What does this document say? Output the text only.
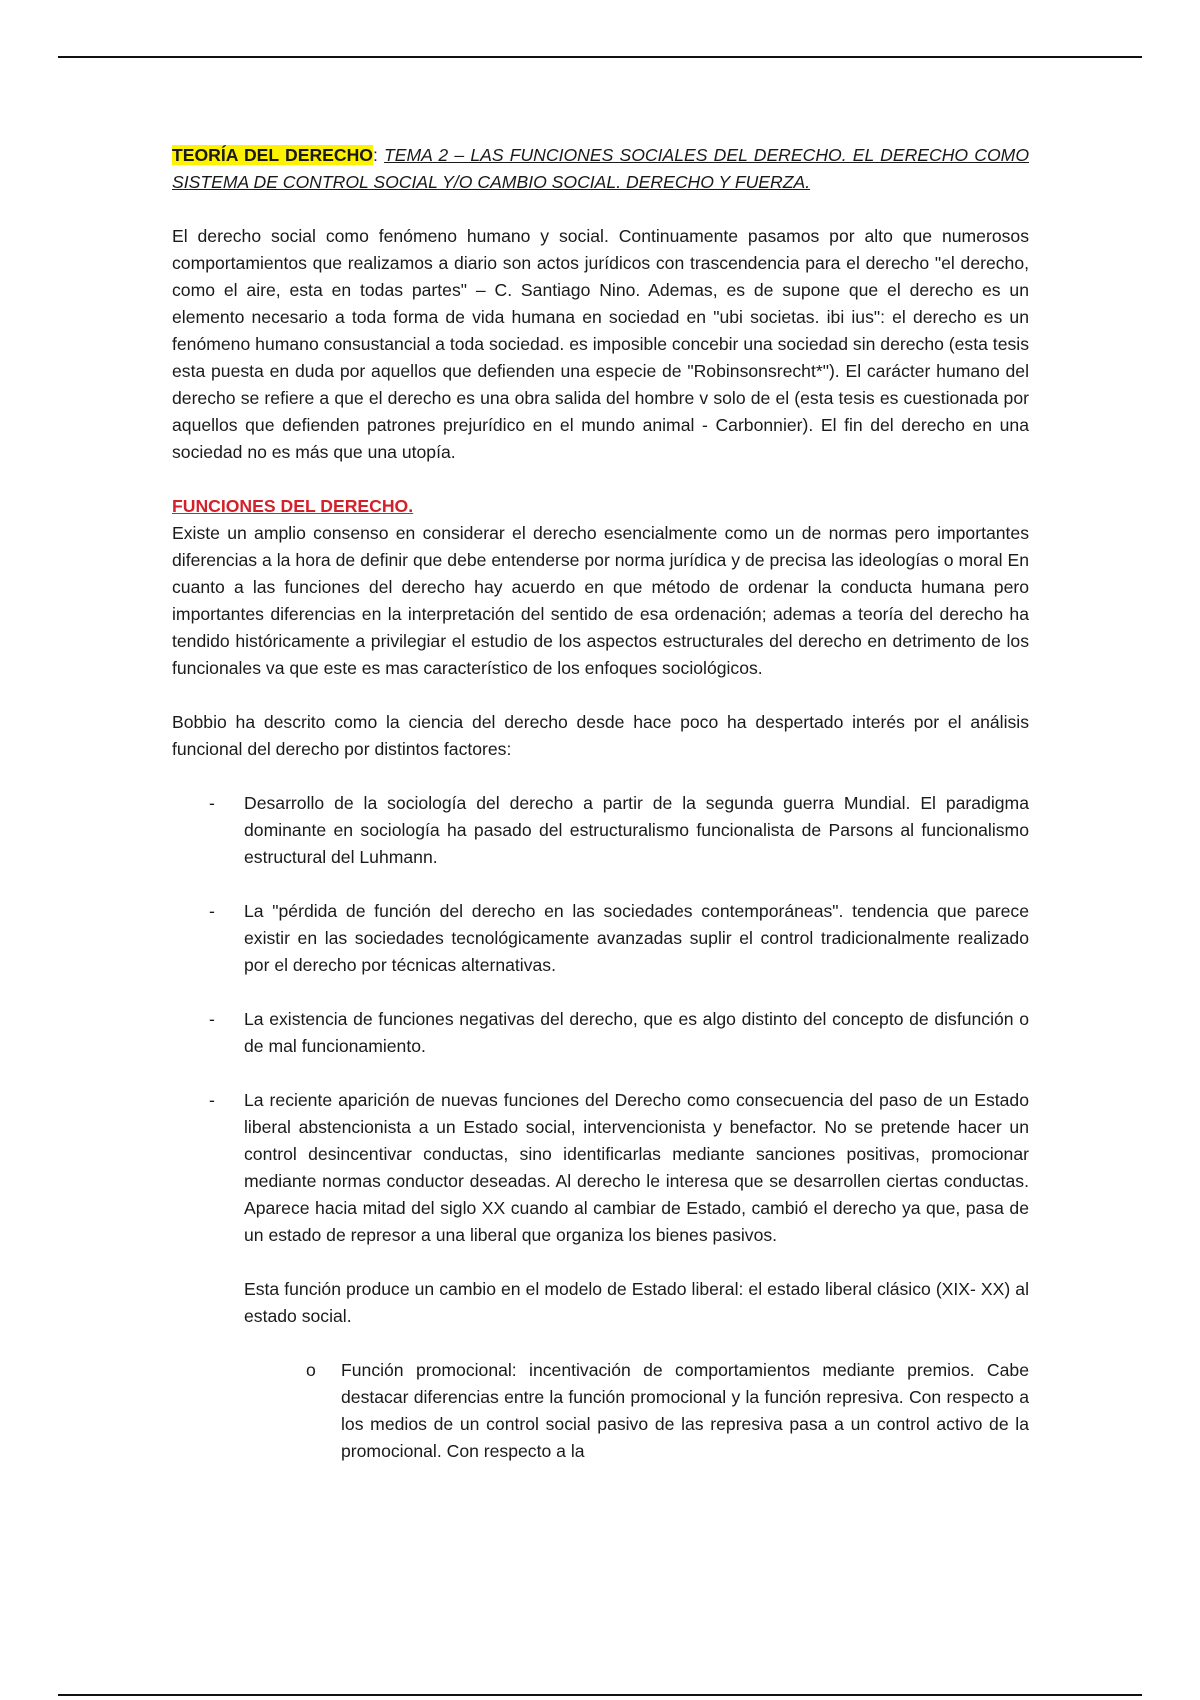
TEORÍA DEL DERECHO: TEMA 2 – LAS FUNCIONES SOCIALES DEL DERECHO. EL DERECHO COMO SISTEMA DE CONTROL SOCIAL Y/O CAMBIO SOCIAL. DERECHO Y FUERZA.

El derecho social como fenómeno humano y social. Continuamente pasamos por alto que numerosos comportamientos que realizamos a diario son actos jurídicos con trascendencia para el derecho "el derecho, como el aire, esta en todas partes" – C. Santiago Nino. Ademas, es de supone que el derecho es un elemento necesario a toda forma de vida humana en sociedad en "ubi societas. ibi ius": el derecho es un fenómeno humano consustancial a toda sociedad. es imposible concebir una sociedad sin derecho (esta tesis esta puesta en duda por aquellos que defienden una especie de "Robinsonsrecht*"). El carácter humano del derecho se refiere a que el derecho es una obra salida del hombre v solo de el (esta tesis es cuestionada por aquellos que defienden patrones prejurídico en el mundo animal - Carbonnier). El fin del derecho en una sociedad no es más que una utopía.

FUNCIONES DEL DERECHO.

Existe un amplio consenso en considerar el derecho esencialmente como un de normas pero importantes diferencias a la hora de definir que debe entenderse por norma jurídica y de precisa las ideologías o moral En cuanto a las funciones del derecho hay acuerdo en que método de ordenar la conducta humana pero importantes diferencias en la interpretación del sentido de esa ordenación; ademas a teoría del derecho ha tendido históricamente a privilegiar el estudio de los aspectos estructurales del derecho en detrimento de los funcionales va que este es mas característico de los enfoques sociológicos.

Bobbio ha descrito como la ciencia del derecho desde hace poco ha despertado interés por el análisis funcional del derecho por distintos factores:

-	Desarrollo de la sociología del derecho a partir de la segunda guerra Mundial. El paradigma dominante en sociología ha pasado del estructuralismo funcionalista de Parsons al funcionalismo estructural del Luhmann.
-	La "pérdida de función del derecho en las sociedades contemporáneas". tendencia que parece existir en las sociedades tecnológicamente avanzadas suplir el control tradicionalmente realizado por el derecho por técnicas alternativas.
-	La existencia de funciones negativas del derecho, que es algo distinto del concepto de disfunción o de mal funcionamiento.
-	La reciente aparición de nuevas funciones del Derecho como consecuencia del paso de un Estado liberal abstencionista a un Estado social, intervencionista y benefactor. No se pretende hacer un control desincentivar conductas, sino identificarlas mediante sanciones positivas, promocionar mediante normas conductor deseadas. Al derecho le interesa que se desarrollen ciertas conductas. Aparece hacia mitad del siglo XX cuando al cambiar de Estado, cambió el derecho ya que, pasa de un estado de represor a una liberal que organiza los bienes pasivos.

Esta función produce un cambio en el modelo de Estado liberal: el estado liberal clásico (XIX- XX) al estado social.

o	Función promocional: incentivación de comportamientos mediante premios. Cabe destacar diferencias entre la función promocional y la función represiva. Con respecto a los medios de un control social pasivo de las represiva pasa a un control activo de la promocional. Con respecto a la
